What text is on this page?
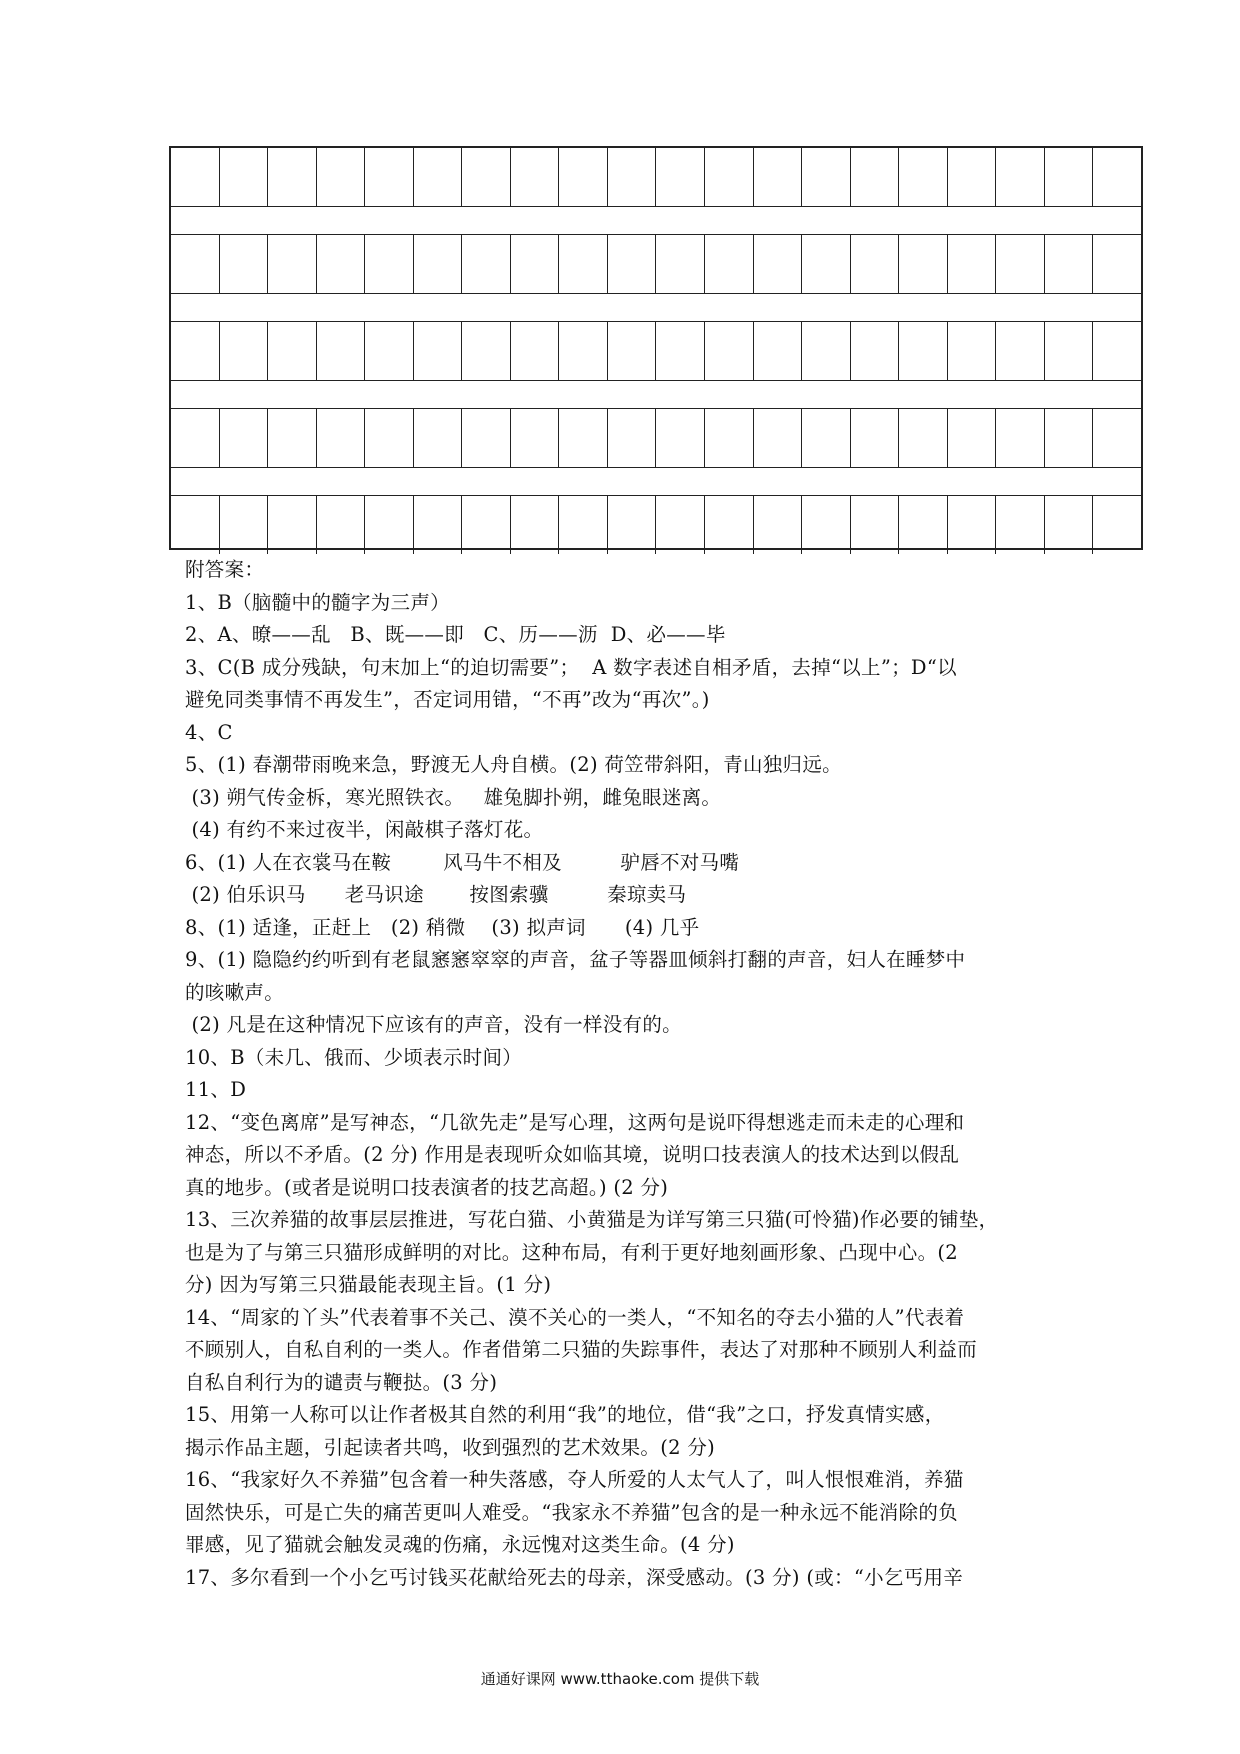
附答案：

1、B（脑髓中的髓字为三声）

2、A、暸——乱   B、既——即   C、历——沥  D、必——毕

3、C(B 成分残缺，句末加上“的迫切需要”；  A 数字表述自相矛盾，去掉“以上”；D“以

避免同类事情不再发生”，否定词用错，“不再”改为“再次”。)

4、C

5、(1) 春潮带雨晚来急，野渡无人舟自横。(2) 荷笠带斜阳，青山独归远。

(3) 朔气传金柝，寒光照铁衣。   雄兔脚扑朔，雌兔眼迷离。

(4) 有约不来过夜半，闲敲棋子落灯花。

6、(1) 人在衣裳马在鞍        风马牛不相及         驴唇不对马嘴

(2) 伯乐识马      老马识途       按图索骥         秦琼卖马

8、(1) 适逢，正赶上   (2) 稍微    (3) 拟声词      (4) 几乎

9、(1) 隐隐约约听到有老鼠窸窸窣窣的声音，盆子等器皿倾斜打翻的声音，妇人在睡梦中

的咳嗽声。

(2) 凡是在这种情况下应该有的声音，没有一样没有的。

10、B（未几、俄而、少顷表示时间）

11、D

12、“变色离席”是写神态，“几欲先走”是写心理，这两句是说吓得想逃走而未走的心理和

神态，所以不矛盾。(2 分) 作用是表现听众如临其境，说明口技表演人的技术达到以假乱

真的地步。(或者是说明口技表演者的技艺高超。) (2 分)

13、三次养猫的故事层层推进，写花白猫、小黄猫是为详写第三只猫(可怜猫)作必要的铺垫，

也是为了与第三只猫形成鲜明的对比。这种布局，有利于更好地刻画形象、凸现中心。(2

分) 因为写第三只猫最能表现主旨。(1 分)

14、“周家的丫头”代表着事不关己、漠不关心的一类人，“不知名的夺去小猫的人”代表着

不顾别人，自私自利的一类人。作者借第二只猫的失踪事件，表达了对那种不顾别人利益而

自私自利行为的谴责与鞭挞。(3 分)

15、用第一人称可以让作者极其自然的利用“我”的地位，借“我”之口，抒发真情实感，

揭示作品主题，引起读者共鸣，收到强烈的艺术效果。(2 分)

16、“我家好久不养猫”包含着一种失落感，夺人所爱的人太气人了，叫人恨恨难消，养猫

固然快乐，可是亡失的痛苦更叫人难受。“我家永不养猫”包含的是一种永远不能消除的负

罪感，见了猫就会触发灵魂的伤痛，永远愧对这类生命。(4 分)

17、多尔看到一个小乞丐讨钱买花献给死去的母亲，深受感动。(3 分) (或：“小乞丐用辛

通通好课网 www.tthaoke.com 提供下载
